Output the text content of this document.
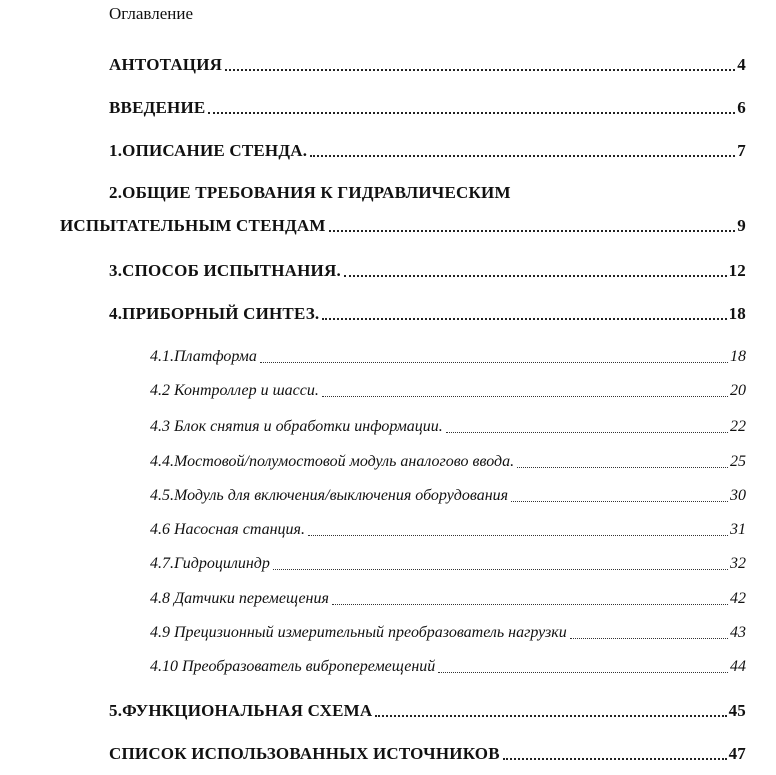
Оглавление
АНТОТАЦИЯ	4
ВВЕДЕНИЕ	6
1.ОПИСАНИЕ СТЕНДА.	7
2.ОБЩИЕ ТРЕБОВАНИЯ К ГИДРАВЛИЧЕСКИМ
ИСПЫТАТЕЛЬНЫМ СТЕНДАМ	9
3.СПОСОБ ИСПЫТНАНИЯ.	12
4.ПРИБОРНЫЙ СИНТЕЗ.	18
4.1.Платформа	18
4.2 Контроллер и шасси.	20
4.3 Блок снятия и обработки информации.	22
4.4.Мостовой/полумостовой модуль аналогово ввода.	25
4.5.Модуль для включения/выключения оборудования	30
4.6 Насосная станция.	31
4.7.Гидроцилиндр	32
4.8 Датчики перемещения	42
4.9 Прецизионный измерительный преобразователь нагрузки	43
4.10 Преобразователь виброперемещений	44
5.ФУНКЦИОНАЛЬНАЯ СХЕМА	45
СПИСОК ИСПОЛЬЗОВАННЫХ ИСТОЧНИКОВ	47
